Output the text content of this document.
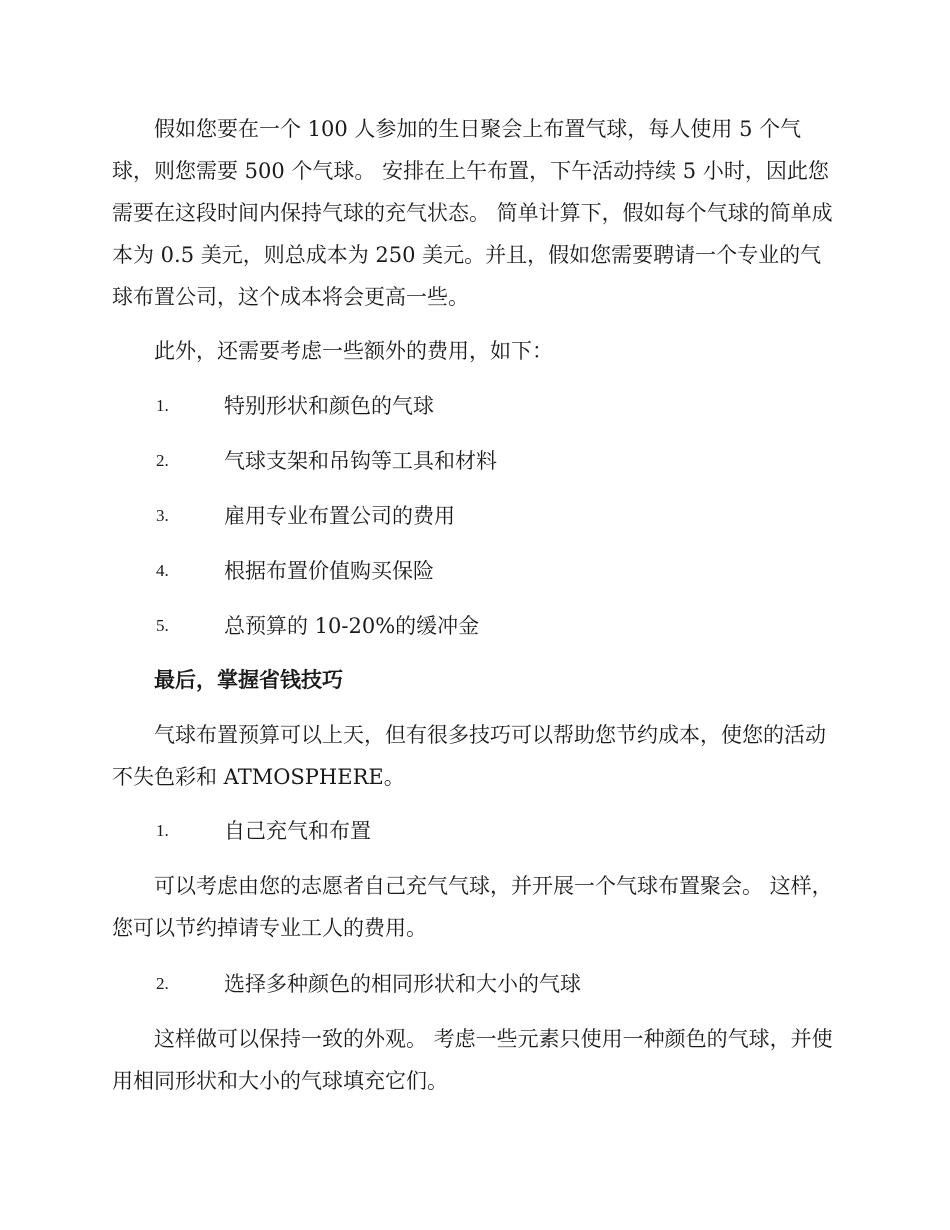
假如您要在一个 100 人参加的生日聚会上布置气球，每人使用 5 个气球，则您需要 500 个气球。 安排在上午布置，下午活动持续 5 小时，因此您需要在这段时间内保持气球的充气状态。 简单计算下，假如每个气球的简单成本为 0.5 美元，则总成本为 250 美元。并且，假如您需要聘请一个专业的气球布置公司，这个成本将会更高一些。

此外，还需要考虑一些额外的费用，如下：

1.	特别形状和颜色的气球
2.	气球支架和吊钩等工具和材料
3.	雇用专业布置公司的费用
4.	根据布置价值购买保险
5.	总预算的 10-20%的缓冲金
最后，掌握省钱技巧

气球布置预算可以上天，但有很多技巧可以帮助您节约成本，使您的活动不失色彩和 ATMOSPHERE。

1.	自己充气和布置

可以考虑由您的志愿者自己充气气球，并开展一个气球布置聚会。 这样，您可以节约掉请专业工人的费用。

2.	选择多种颜色的相同形状和大小的气球

这样做可以保持一致的外观。 考虑一些元素只使用一种颜色的气球，并使用相同形状和大小的气球填充它们。
